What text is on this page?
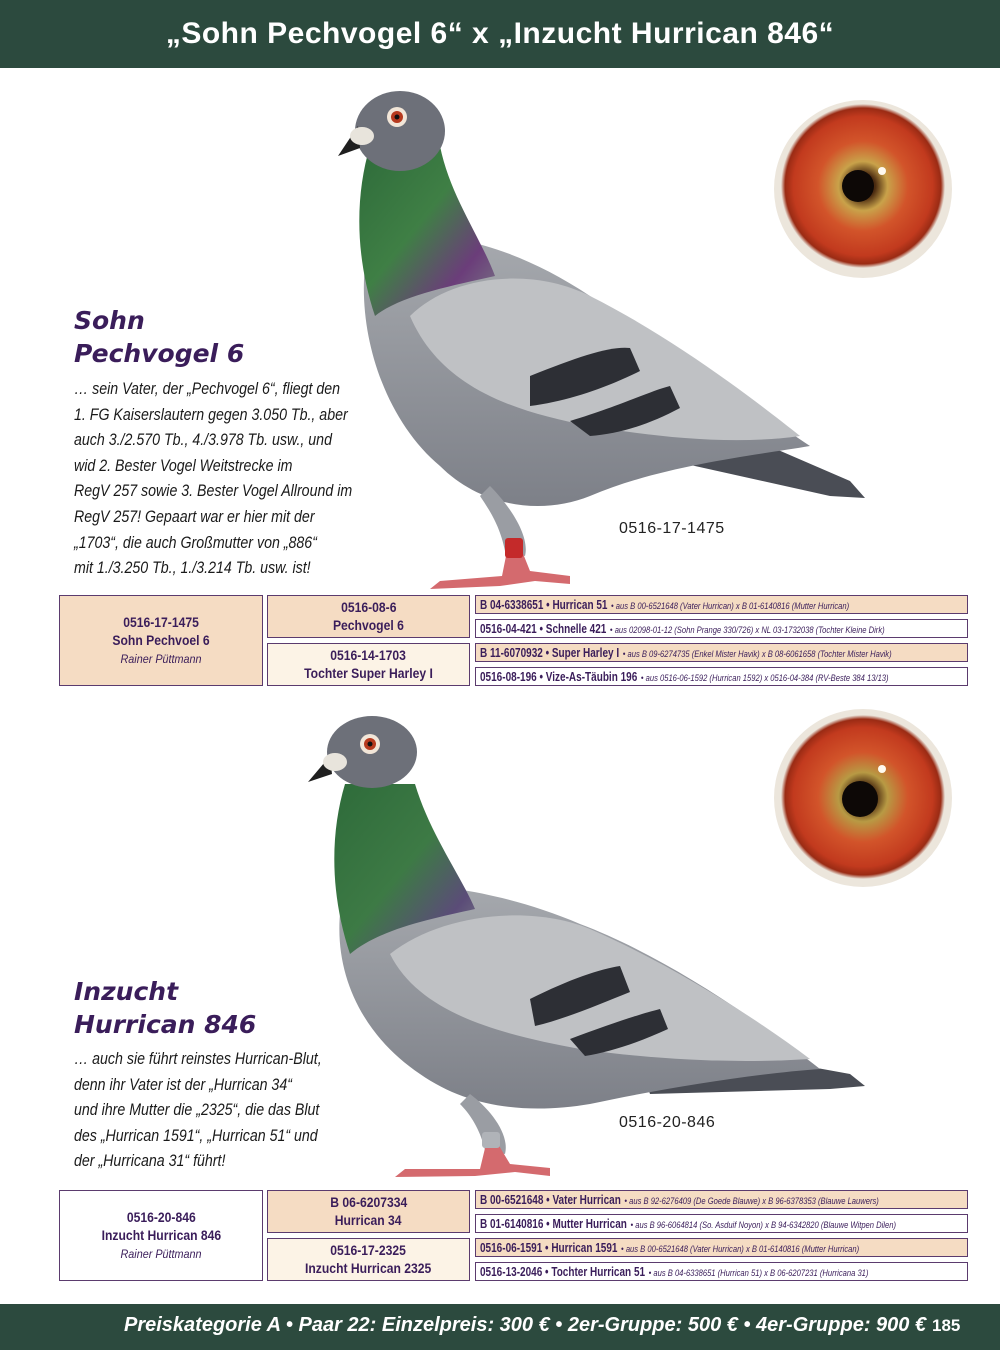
„Sohn Pechvogel 6“ x „Inzucht Hurrican 846“
Sohn
Pechvogel 6
… sein Vater, der „Pechvogel 6“, fliegt den
1. FG Kaiserslautern gegen 3.050 Tb., aber
auch 3./2.570 Tb., 4./3.978 Tb. usw., und
wid 2. Bester Vogel Weitstrecke im
RegV 257 sowie 3. Bester Vogel Allround im
RegV 257! Gepaart war er hier mit der
„1703“, die auch Großmutter von „886“
mit 1./3.250 Tb., 1./3.214 Tb. usw. ist!
0516-17-1475
0516-17-1475
Sohn Pechvoel 6
Rainer Püttmann
0516-08-6
Pechvogel 6
0516-14-1703
Tochter Super Harley I
B 04-6338651 • Hurrican 51 • aus B 00-6521648 (Vater Hurrican) x B 01-6140816 (Mutter Hurrican)
0516-04-421 • Schnelle 421 • aus 02098-01-12 (Sohn Prange 330/726) x NL 03-1732038 (Tochter Kleine Dirk)
B 11-6070932 • Super Harley I • aus B 09-6274735 (Enkel Mister Havik) x B 08-6061658 (Tochter Mister Havik)
0516-08-196 • Vize-As-Täubin 196 • aus 0516-06-1592 (Hurrican 1592) x 0516-04-384 (RV-Beste 384 13/13)
Inzucht
Hurrican 846
… auch sie führt reinstes Hurrican-Blut,
denn ihr Vater ist der „Hurrican 34“
und ihre Mutter die „2325“, die das Blut
des „Hurrican 1591“, „Hurrican 51“ und
der „Hurricana 31“ führt!
0516-20-846
0516-20-846
Inzucht Hurrican 846
Rainer Püttmann
B 06-6207334
Hurrican 34
0516-17-2325
Inzucht Hurrican 2325
B 00-6521648 • Vater Hurrican • aus B 92-6276409 (De Goede Blauwe) x B 96-6378353 (Blauwe Lauwers)
B 01-6140816 • Mutter Hurrican • aus B 96-6064814 (So. Asduif Noyon) x B 94-6342820 (Blauwe Witpen Dilen)
0516-06-1591 • Hurrican 1591 • aus B 00-6521648 (Vater Hurrican) x B 01-6140816 (Mutter Hurrican)
0516-13-2046 • Tochter Hurrican 51 • aus B 04-6338651 (Hurrican 51) x B 06-6207231 (Hurricana 31)
Preiskategorie A • Paar 22: Einzelpreis: 300 € • 2er-Gruppe: 500 € • 4er-Gruppe: 900 € 185
